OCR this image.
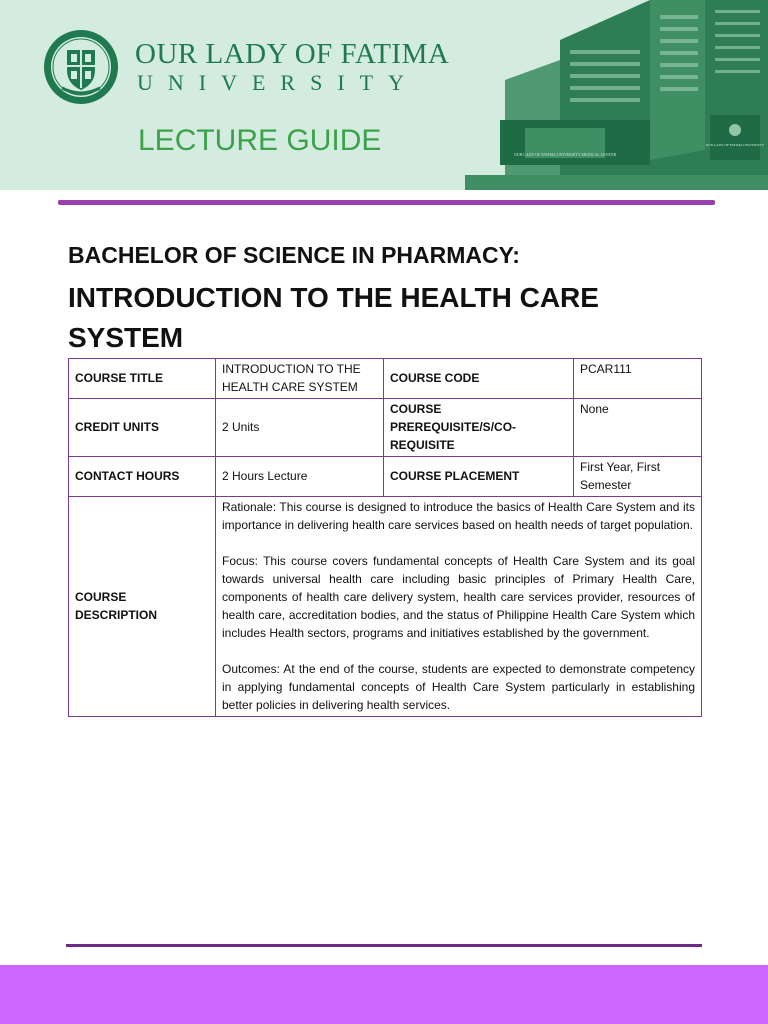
OUR LADY OF FATIMA
UNIVERSITY
LECTURE GUIDE	OUR LADY OF FATIMA UNIVERSITY MEDICAL CENTER
OUR LADY OF FATIMA UNIVERSITY
BACHELOR OF SCIENCE IN PHARMACY:
INTRODUCTION TO THE HEALTH CARE SYSTEM
COURSE TITLE	INTRODUCTION TO THE HEALTH CARE SYSTEM	COURSE CODE	PCAR111
CREDIT UNITS	2 Units	COURSE PREREQUISITE/S/CO-REQUISITE	None
CONTACT HOURS	2 Hours Lecture	COURSE PLACEMENT	First Year, First Semester
COURSE DESCRIPTION	Rationale: This course is designed to introduce the basics of Health Care System and its importance in delivering health care services based on health needs of target population.

Focus: This course covers fundamental concepts of Health Care System and its goal towards universal health care including basic principles of Primary Health Care, components of health care delivery system, health care services provider, resources of health care, accreditation bodies, and the status of Philippine Health Care System which includes Health sectors, programs and initiatives established by the government.

Outcomes: At the end of the course, students are expected to demonstrate competency in applying fundamental concepts of Health Care System particularly in establishing better policies in delivering health services.		
